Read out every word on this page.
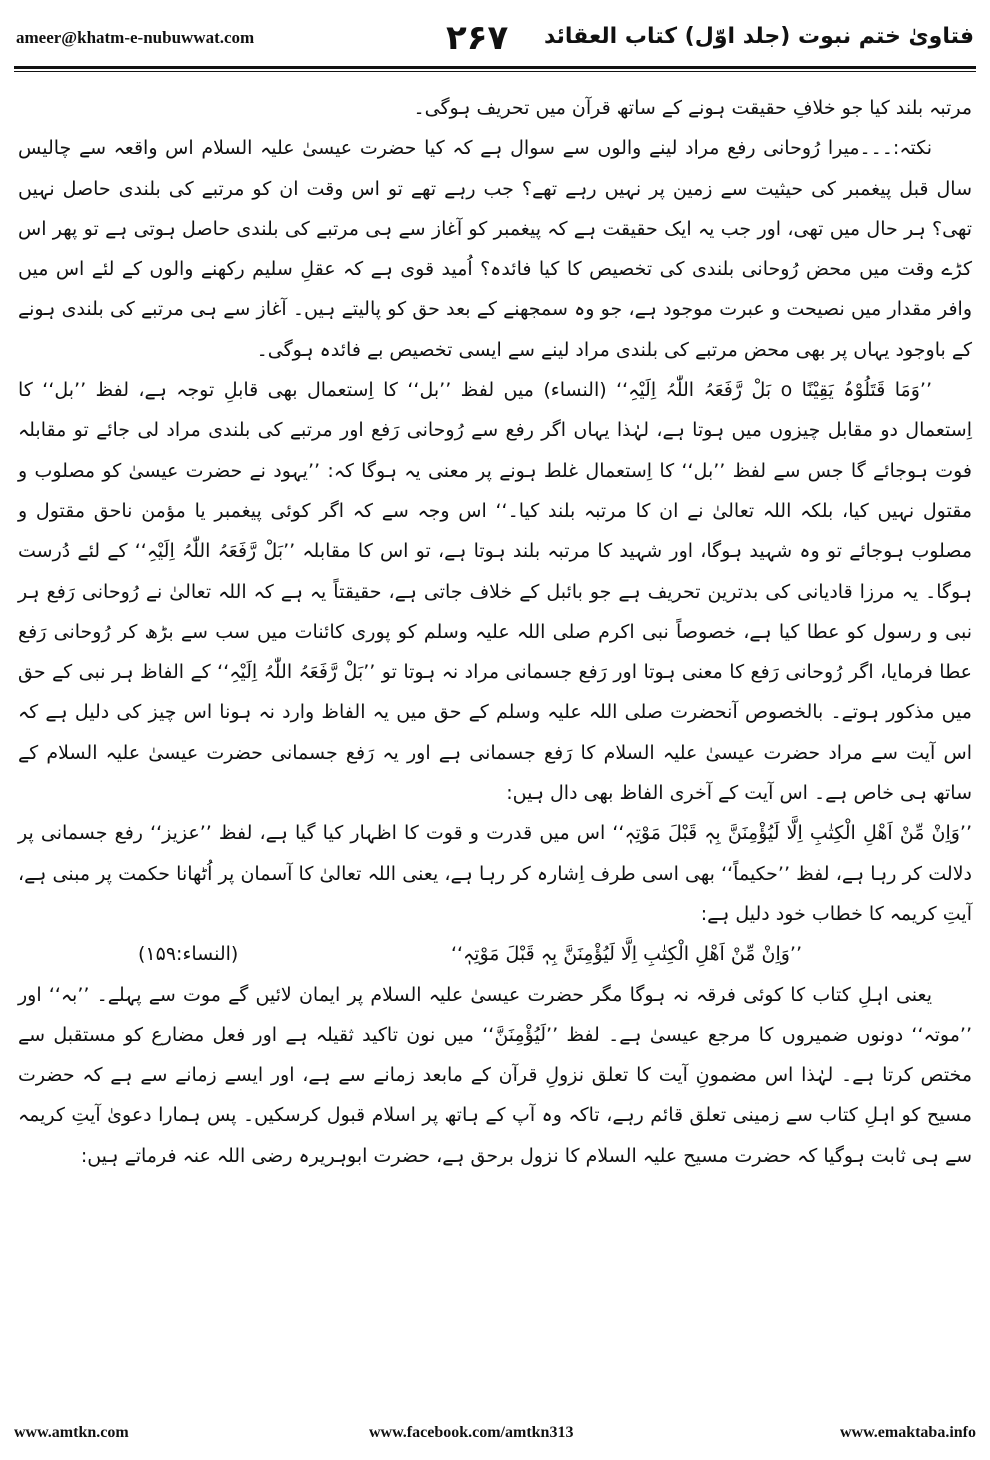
ameer@khatm-e-nubuwwat.com	۲۶۷ فتاویٰ ختم نبوت (جلد اوّل) کتاب العقائد

مرتبہ بلند کیا جو خلافِ حقیقت ہونے کے ساتھ قرآن میں تحریف ہوگی۔

نکتہ:۔۔۔میرا رُوحانی رفع مراد لینے والوں سے سوال ہے کہ کیا حضرت عیسیٰ علیہ السلام اس واقعہ سے چالیس سال قبل پیغمبر کی حیثیت سے زمین پر نہیں رہے تھے؟ جب رہے تھے تو اس وقت ان کو مرتبے کی بلندی حاصل نہیں تھی؟ ہر حال میں تھی، اور جب یہ ایک حقیقت ہے کہ پیغمبر کو آغاز سے ہی مرتبے کی بلندی حاصل ہوتی ہے تو پھر اس کڑے وقت میں محض رُوحانی بلندی کی تخصیص کا کیا فائدہ؟ اُمید قوی ہے کہ عقلِ سلیم رکھنے والوں کے لئے اس میں وافر مقدار میں نصیحت و عبرت موجود ہے، جو وہ سمجھنے کے بعد حق کو پالیتے ہیں۔ آغاز سے ہی مرتبے کی بلندی ہونے کے باوجود یہاں پر بھی محض مرتبے کی بلندی مراد لینے سے ایسی تخصیص بے فائدہ ہوگی۔

’’وَمَا قَتَلُوْہُ یَقِیْنًا o بَلْ رَّفَعَہُ اللّٰہُ اِلَیْہِ‘‘ (النساء) میں لفظ ’’بل‘‘ کا اِستعمال بھی قابلِ توجہ ہے، لفظ ’’بل‘‘ کا اِستعمال دو مقابل چیزوں میں ہوتا ہے، لہٰذا یہاں اگر رفع سے رُوحانی رَفع اور مرتبے کی بلندی مراد لی جائے تو مقابلہ فوت ہوجائے گا جس سے لفظ ’’بل‘‘ کا اِستعمال غلط ہونے پر معنی یہ ہوگا کہ: ’’یہود نے حضرت عیسیٰ کو مصلوب و مقتول نہیں کیا، بلکہ اللہ تعالیٰ نے ان کا مرتبہ بلند کیا۔‘‘ اس وجہ سے کہ اگر کوئی پیغمبر یا مؤمن ناحق مقتول و مصلوب ہوجائے تو وہ شہید ہوگا، اور شہید کا مرتبہ بلند ہوتا ہے، تو اس کا مقابلہ ’’بَلْ رَّفَعَہُ اللّٰہُ اِلَیْہِ‘‘ کے لئے دُرست ہوگا۔ یہ مرزا قادیانی کی بدترین تحریف ہے جو بائبل کے خلاف جاتی ہے، حقیقتاً یہ ہے کہ اللہ تعالیٰ نے رُوحانی رَفع ہر نبی و رسول کو عطا کیا ہے، خصوصاً نبی اکرم صلی اللہ علیہ وسلم کو پوری کائنات میں سب سے بڑھ کر رُوحانی رَفع عطا فرمایا، اگر رُوحانی رَفع کا معنی ہوتا اور رَفع جسمانی مراد نہ ہوتا تو ’’بَلْ رَّفَعَہُ اللّٰہُ اِلَیْہِ‘‘ کے الفاظ ہر نبی کے حق میں مذکور ہوتے۔ بالخصوص آنحضرت صلی اللہ علیہ وسلم کے حق میں یہ الفاظ وارد نہ ہونا اس چیز کی دلیل ہے کہ اس آیت سے مراد حضرت عیسیٰ علیہ السلام کا رَفع جسمانی ہے اور یہ رَفع جسمانی حضرت عیسیٰ علیہ السلام کے ساتھ ہی خاص ہے۔ اس آیت کے آخری الفاظ بھی دال ہیں:

’’وَاِنْ مِّنْ اَھْلِ الْکِتٰبِ اِلَّا لَیُؤْمِنَنَّ بِہٖ قَبْلَ مَوْتِہٖ‘‘ اس میں قدرت و قوت کا اظہار کیا گیا ہے، لفظ ’’عزیز‘‘ رفع جسمانی پر دلالت کر رہا ہے، لفظ ’’حکیماً‘‘ بھی اسی طرف اِشارہ کر رہا ہے، یعنی اللہ تعالیٰ کا آسمان پر اُٹھانا حکمت پر مبنی ہے، آیتِ کریمہ کا خطاب خود دلیل ہے:

’’وَاِنْ مِّنْ اَھْلِ الْکِتٰبِ اِلَّا لَیُؤْمِنَنَّ بِہٖ قَبْلَ مَوْتِہٖ‘‘
(النساء:۱۵۹)

یعنی اہلِ کتاب کا کوئی فرقہ نہ ہوگا مگر حضرت عیسیٰ علیہ السلام پر ایمان لائیں گے موت سے پہلے۔ ’’بہ‘‘ اور ’’موتہ‘‘ دونوں ضمیروں کا مرجع عیسیٰ ہے۔ لفظ ’’لَیُؤْمِنَنَّ‘‘ میں نون تاکید ثقیلہ ہے اور فعل مضارع کو مستقبل سے مختص کرتا ہے۔ لہٰذا اس مضمونِ آیت کا تعلق نزولِ قرآن کے مابعد زمانے سے ہے، اور ایسے زمانے سے ہے کہ حضرت مسیح کو اہلِ کتاب سے زمینی تعلق قائم رہے، تاکہ وہ آپ کے ہاتھ پر اسلام قبول کرسکیں۔ پس ہمارا دعویٰ آیتِ کریمہ سے ہی ثابت ہوگیا کہ حضرت مسیح علیہ السلام کا نزول برحق ہے، حضرت ابوہریرہ رضی اللہ عنہ فرماتے ہیں:

www.amtkn.com	www.facebook.com/amtkn313	www.emaktaba.info
